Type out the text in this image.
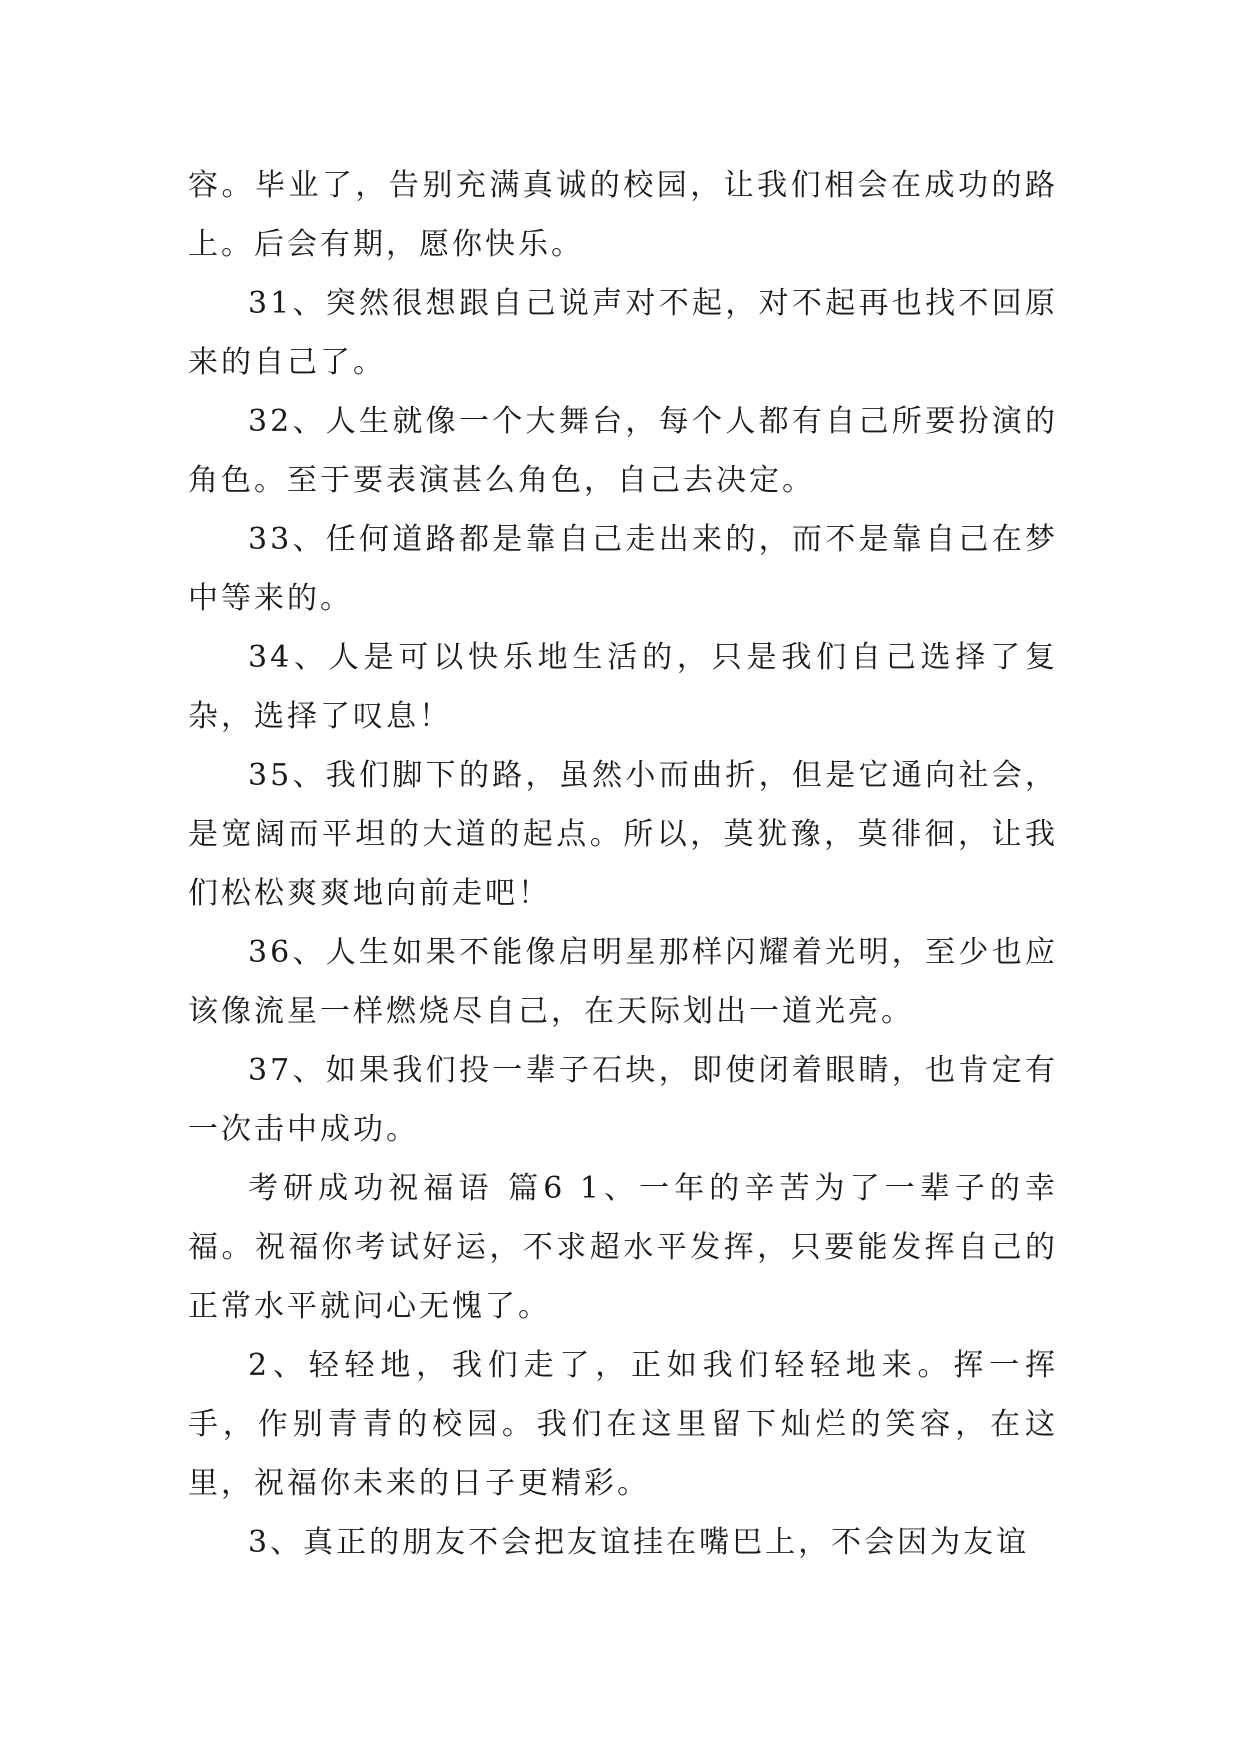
容。毕业了，告别充满真诚的校园，让我们相会在成功的路上。后会有期，愿你快乐。

31、突然很想跟自己说声对不起，对不起再也找不回原来的自己了。

32、人生就像一个大舞台，每个人都有自己所要扮演的角色。至于要表演甚么角色，自己去决定。

33、任何道路都是靠自己走出来的，而不是靠自己在梦中等来的。

34、人是可以快乐地生活的，只是我们自己选择了复杂，选择了叹息！

35、我们脚下的路，虽然小而曲折，但是它通向社会，是宽阔而平坦的大道的起点。所以，莫犹豫，莫徘徊，让我们松松爽爽地向前走吧！

36、人生如果不能像启明星那样闪耀着光明，至少也应该像流星一样燃烧尽自己，在天际划出一道光亮。

37、如果我们投一辈子石块，即使闭着眼睛，也肯定有一次击中成功。

考研成功祝福语 篇6 1、一年的辛苦为了一辈子的幸福。祝福你考试好运，不求超水平发挥，只要能发挥自己的正常水平就问心无愧了。

2、轻轻地，我们走了，正如我们轻轻地来。挥一挥手，作别青青的校园。我们在这里留下灿烂的笑容，在这里，祝福你未来的日子更精彩。

3、真正的朋友不会把友谊挂在嘴巴上，不会因为友谊
